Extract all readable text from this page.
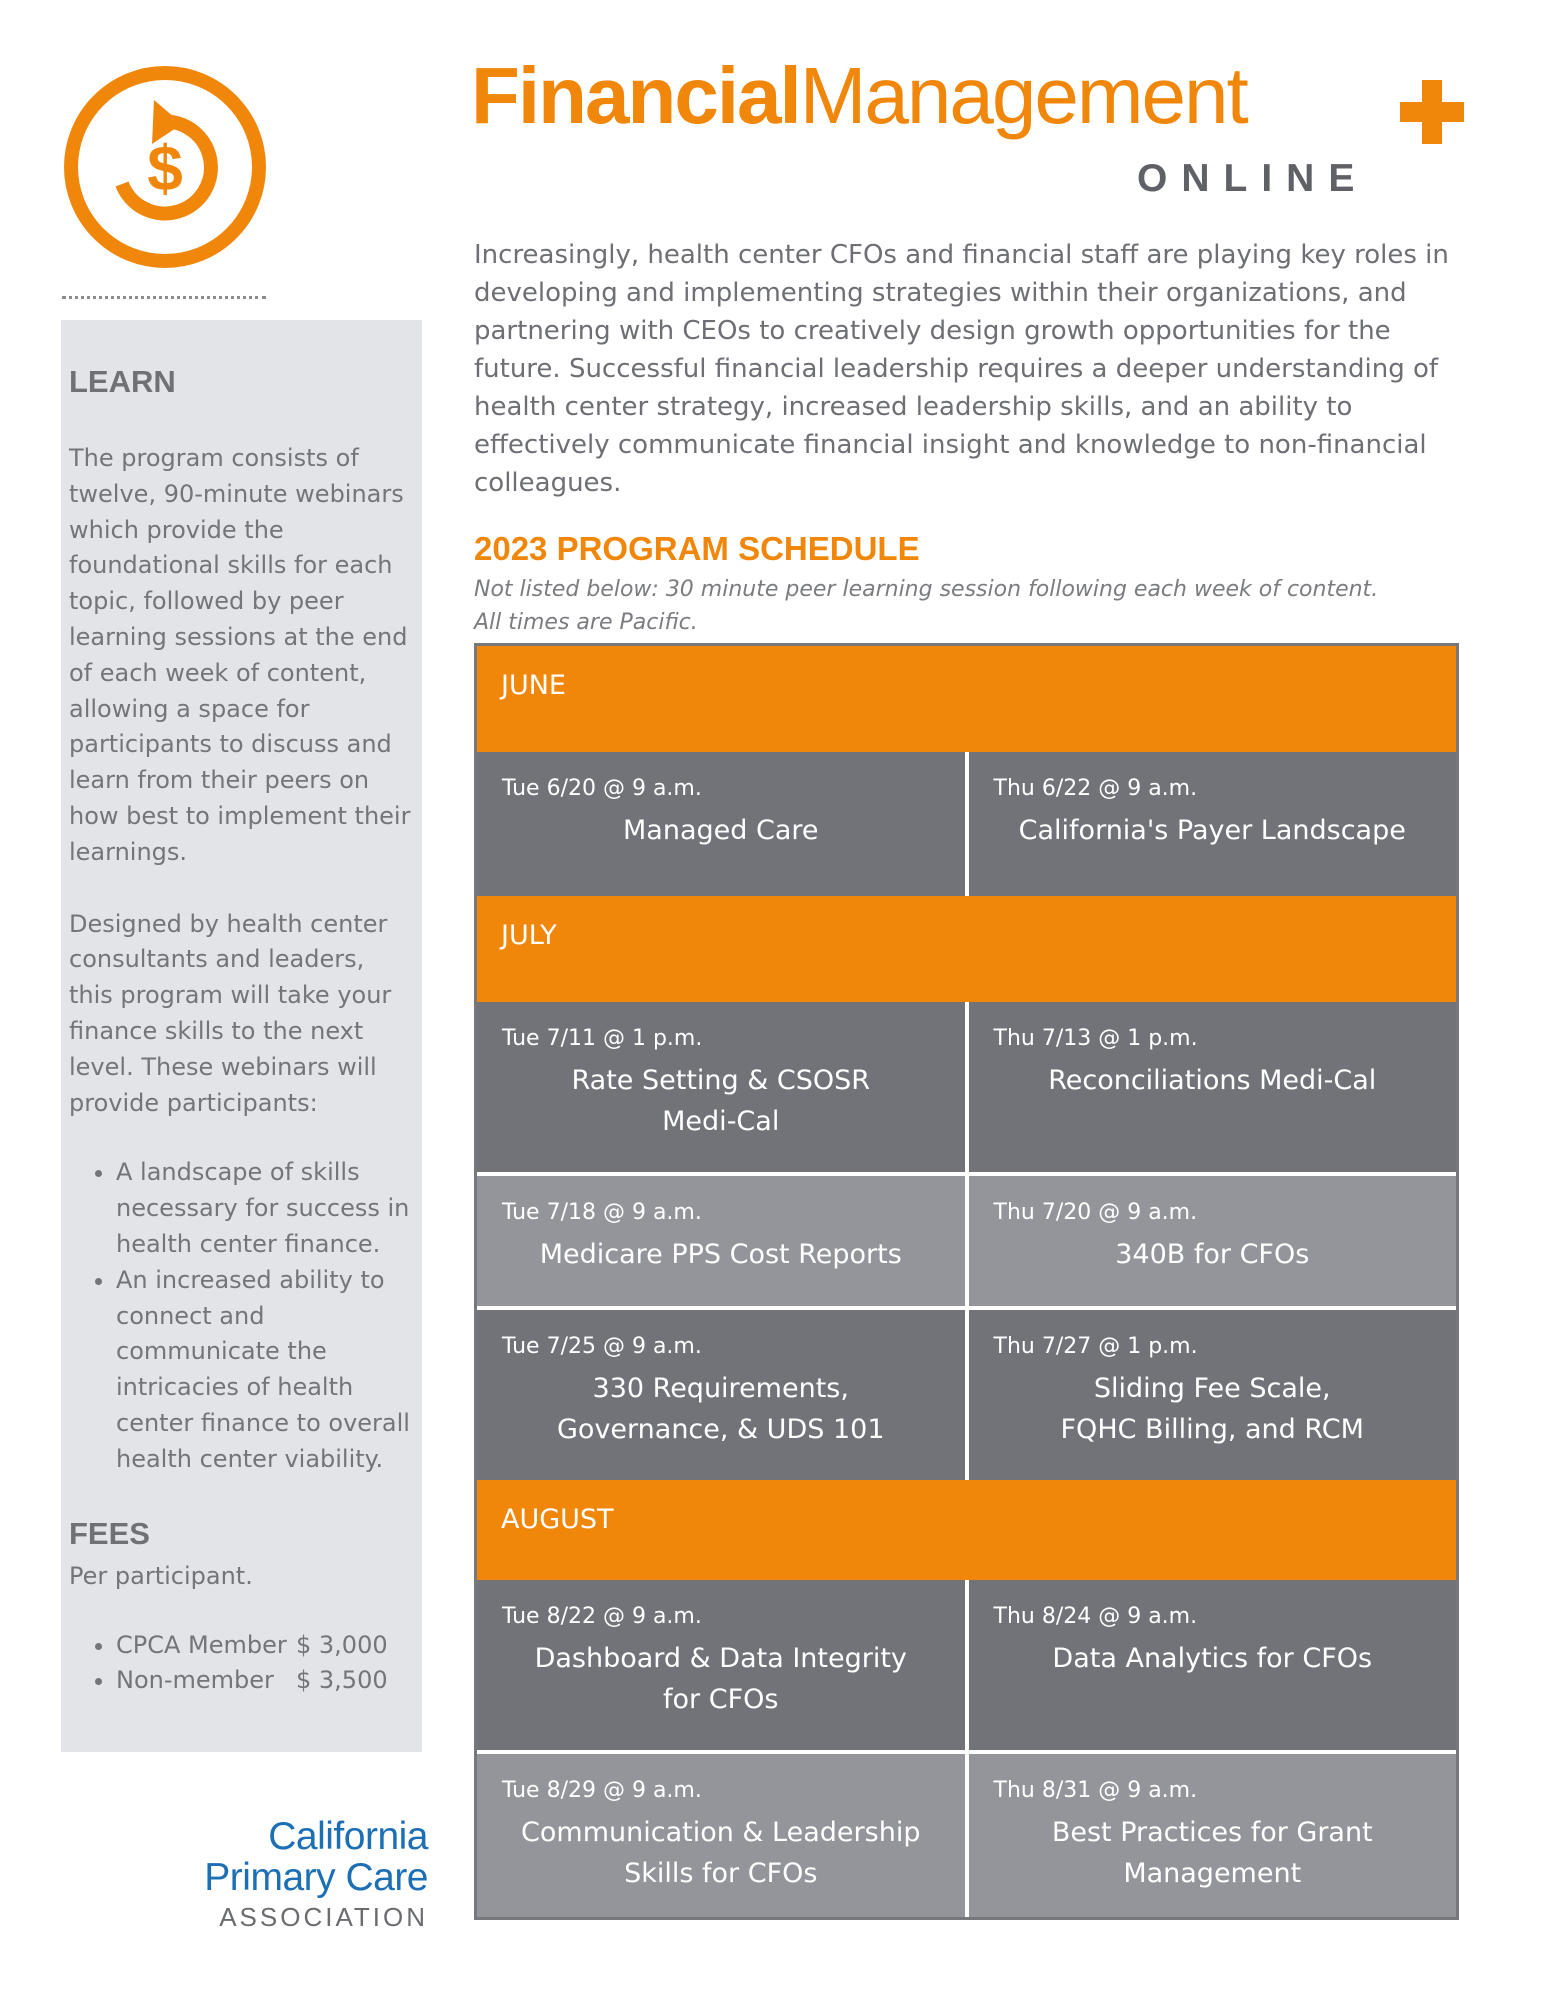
$
LEARN

The program consists of twelve, 90-minute webinars which provide the foundational skills for each topic, followed by peer learning sessions at the end of each week of content, allowing a space for participants to discuss and learn from their peers on how best to implement their learnings.

Designed by health center consultants and leaders, this program will take your finance skills to the next level. These webinars will provide participants:

• A landscape of skills necessary for success in health center finance.
• An increased ability to connect and communicate the intricacies of health center finance to overall health center viability.
FEES

Per participant.

• CPCA Member $ 3,000
• Non-member $ 3,500
California
Primary Care
ASSOCIATION
FinancialManagement
ONLINE

Increasingly, health center CFOs and financial staff are playing key roles in developing and implementing strategies within their organizations, and partnering with CEOs to creatively design growth opportunities for the future. Successful financial leadership requires a deeper understanding of health center strategy, increased leadership skills, and an ability to effectively communicate financial insight and knowledge to non-financial colleagues.

2023 PROGRAM SCHEDULE

Not listed below: 30 minute peer learning session following each week of content.
All times are Pacific.

JUNE
Tue 6/20 @ 9 a.m.
Managed Care
Thu 6/22 @ 9 a.m.
California's Payer Landscape
JULY
Tue 7/11 @ 1 p.m.
Rate Setting & CSOSR
Medi-Cal
Thu 7/13 @ 1 p.m.
Reconciliations Medi-Cal
Tue 7/18 @ 9 a.m.
Medicare PPS Cost Reports
Thu 7/20 @ 9 a.m.
340B for CFOs
Tue 7/25 @ 9 a.m.
330 Requirements,
Governance, & UDS 101
Thu 7/27 @ 1 p.m.
Sliding Fee Scale,
FQHC Billing, and RCM
AUGUST
Tue 8/22 @ 9 a.m.
Dashboard & Data Integrity
for CFOs
Thu 8/24 @ 9 a.m.
Data Analytics for CFOs
Tue 8/29 @ 9 a.m.
Communication & Leadership
Skills for CFOs
Thu 8/31 @ 9 a.m.
Best Practices for Grant
Management
